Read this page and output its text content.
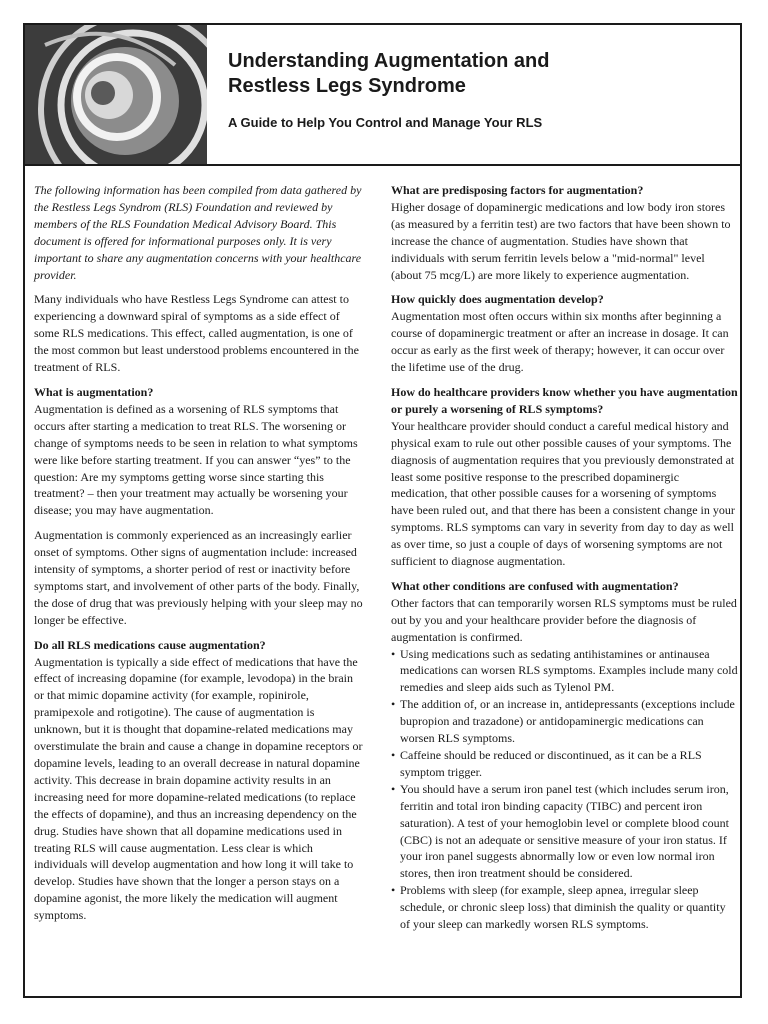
Understanding Augmentation and
Restless Legs Syndrome
A Guide to Help You Control and Manage Your RLS

The following information has been compiled from data gathered by the Restless Legs Syndrom (RLS) Foundation and reviewed by members of the RLS Foundation Medical Advisory Board. This document is offered for informational purposes only. It is very important to share any augmentation concerns with your healthcare provider.

Many individuals who have Restless Legs Syndrome can attest to experiencing a downward spiral of symptoms as a side effect of some RLS medications. This effect, called augmentation, is one of the most common but least understood problems encountered in the treatment of RLS.

What is augmentation?

Augmentation is defined as a worsening of RLS symptoms that occurs after starting a medication to treat RLS. The worsening or change of symptoms needs to be seen in relation to what symptoms were like before starting treatment. If you can answer “yes” to the question: Are my symptoms getting worse since starting this treatment? – then your treatment may actually be worsening your disease; you may have augmentation.

Augmentation is commonly experienced as an increasingly earlier onset of symptoms. Other signs of augmentation include: increased intensity of symptoms, a shorter period of rest or inactivity before symptoms start, and involvement of other parts of the body. Finally, the dose of drug that was previously helping with your sleep may no longer be effective.

Do all RLS medications cause augmentation?

Augmentation is typically a side effect of medications that have the effect of increasing dopamine (for example, levodopa) in the brain or that mimic dopamine activity (for example, ropinirole, pramipexole and rotigotine). The cause of augmentation is unknown, but it is thought that dopamine-related medications may overstimulate the brain and cause a change in dopamine receptors or dopamine levels, leading to an overall decrease in natural dopamine activity. This decrease in brain dopamine activity results in an increasing need for more dopamine-related medications (to replace the effects of dopamine), and thus an increasing dependency on the drug. Studies have shown that all dopamine medications used in treating RLS will cause augmentation. Less clear is which individuals will develop augmentation and how long it will take to develop. Studies have shown that the longer a person stays on a dopamine agonist, the more likely the medication will augment symptoms.

What are predisposing factors for augmentation?

Higher dosage of dopaminergic medications and low body iron stores (as measured by a ferritin test) are two factors that have been shown to increase the chance of augmentation. Studies have shown that individuals with serum ferritin levels below a "mid-normal" level (about 75 mcg/L) are more likely to experience augmentation.

How quickly does augmentation develop?

Augmentation most often occurs within six months after beginning a course of dopaminergic treatment or after an increase in dosage. It can occur as early as the first week of therapy; however, it can occur over the lifetime use of the drug.

How do healthcare providers know whether you have augmentation or purely a worsening of RLS symptoms?

Your healthcare provider should conduct a careful medical history and physical exam to rule out other possible causes of your symptoms. The diagnosis of augmentation requires that you previously demonstrated at least some positive response to the prescribed dopaminergic medication, that other possible causes for a worsening of symptoms have been ruled out, and that there has been a consistent change in your symptoms. RLS symptoms can vary in severity from day to day as well as over time, so just a couple of days of worsening symptoms are not sufficient to diagnose augmentation.

What other conditions are confused with augmentation?

Other factors that can temporarily worsen RLS symptoms must be ruled out by you and your healthcare provider before the diagnosis of augmentation is confirmed.

• Using medications such as sedating antihistamines or antinausea medications can worsen RLS symptoms. Examples include many cold remedies and sleep aids such as Tylenol PM.
• The addition of, or an increase in, antidepressants (exceptions include bupropion and trazadone) or antidopaminergic medications can worsen RLS symptoms.
• Caffeine should be reduced or discontinued, as it can be a RLS symptom trigger.
• You should have a serum iron panel test (which includes serum iron, ferritin and total iron binding capacity (TIBC) and percent iron saturation). A test of your hemoglobin level or complete blood count (CBC) is not an adequate or sensitive measure of your iron status. If your iron panel suggests abnormally low or even low normal iron stores, then iron treatment should be considered.
• Problems with sleep (for example, sleep apnea, irregular sleep schedule, or chronic sleep loss) that diminish the quality or quantity of your sleep can markedly worsen RLS symptoms.
